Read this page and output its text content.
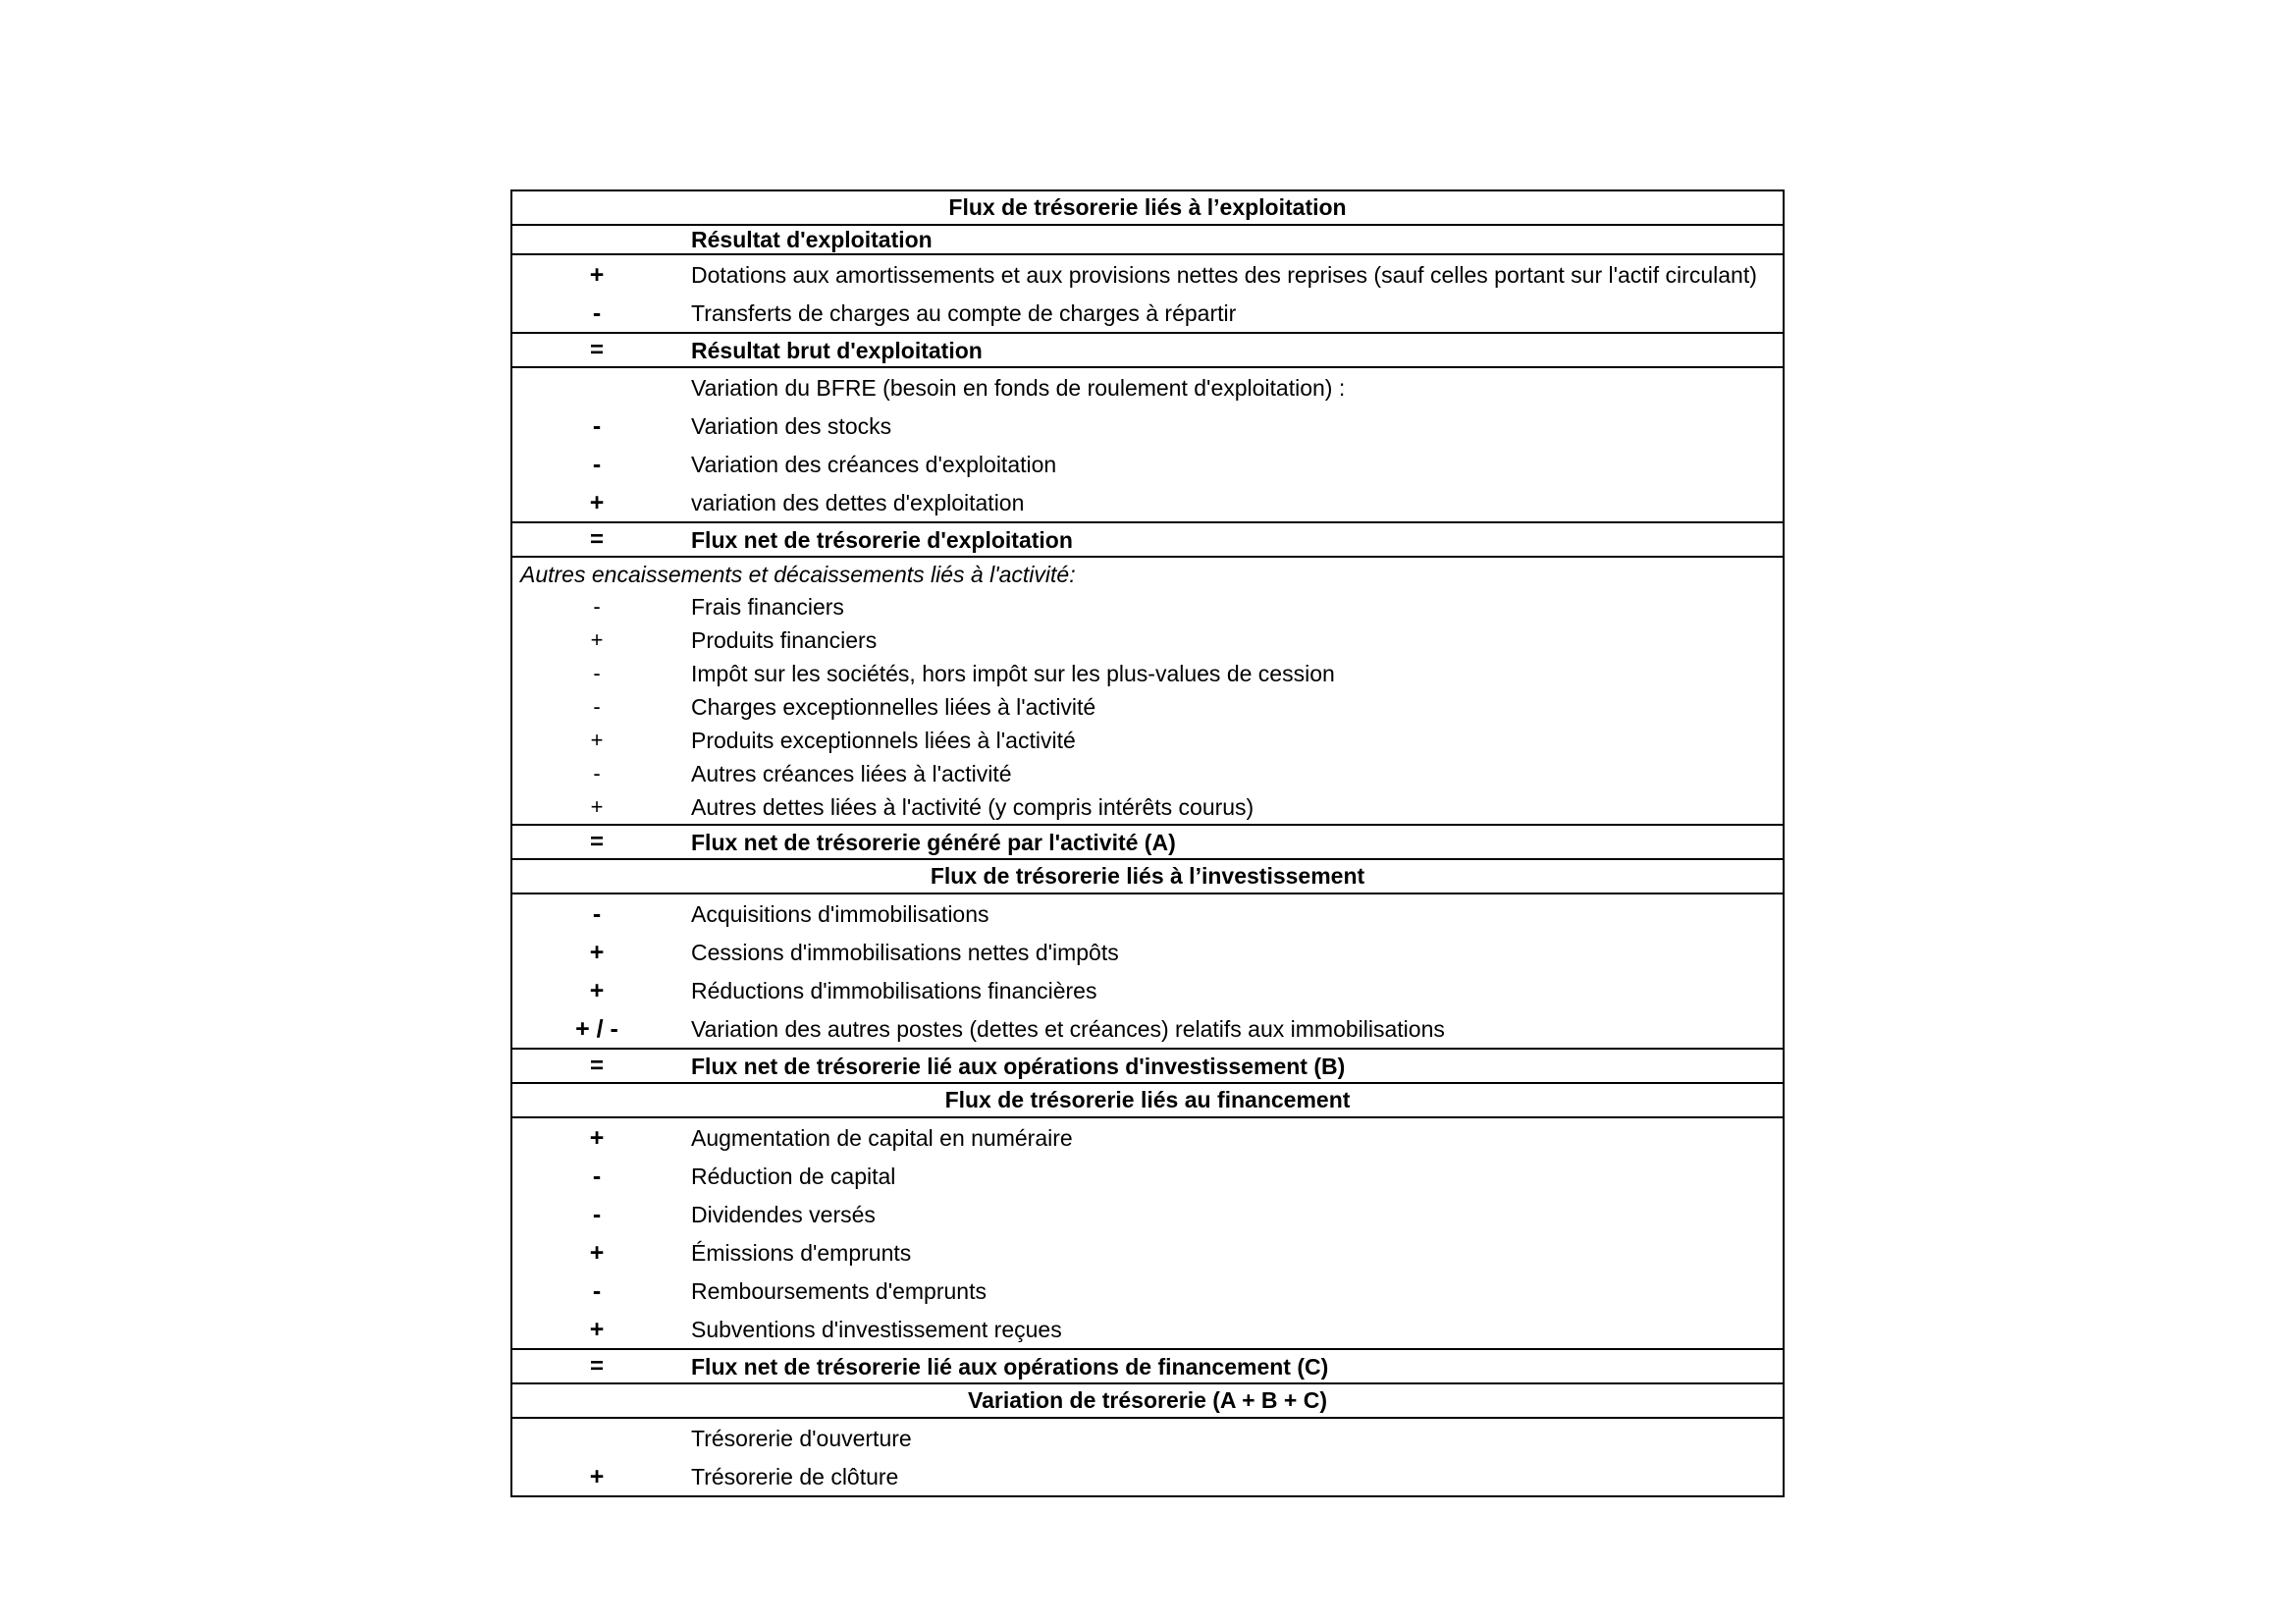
Flux de trésorerie liés à l’exploitation
Résultat d'exploitation
+	Dotations aux amortissements et aux provisions nettes des reprises (sauf celles portant sur l'actif circulant)
-	Transferts de charges au compte de charges à répartir
=	Résultat brut d'exploitation
Variation du BFRE (besoin en fonds de roulement d'exploitation) :
-	Variation des stocks
-	Variation des créances d'exploitation
+	variation des dettes d'exploitation
=	Flux net de trésorerie d'exploitation
Autres encaissements et décaissements liés à l'activité:
-	Frais financiers
+	Produits financiers
-	Impôt sur les sociétés, hors impôt sur les plus-values de cession
-	Charges exceptionnelles liées à l'activité
+	Produits exceptionnels liées à l'activité
-	Autres créances liées à l'activité
+	Autres dettes liées à l'activité (y compris intérêts courus)
=	Flux net de trésorerie généré par l'activité (A)
Flux de trésorerie liés à l’investissement
-	Acquisitions d'immobilisations
+	Cessions d'immobilisations nettes d'impôts
+	Réductions d'immobilisations financières
+ / -	Variation des autres postes (dettes et créances) relatifs aux immobilisations
=	Flux net de trésorerie lié aux opérations d'investissement (B)
Flux de trésorerie liés au financement
+	Augmentation de capital en numéraire
-	Réduction de capital
-	Dividendes versés
+	Émissions d'emprunts
-	Remboursements d'emprunts
+	Subventions d'investissement reçues
=	Flux net de trésorerie lié aux opérations de financement (C)
Variation de trésorerie (A + B + C)
Trésorerie d'ouverture
+	Trésorerie de clôture
